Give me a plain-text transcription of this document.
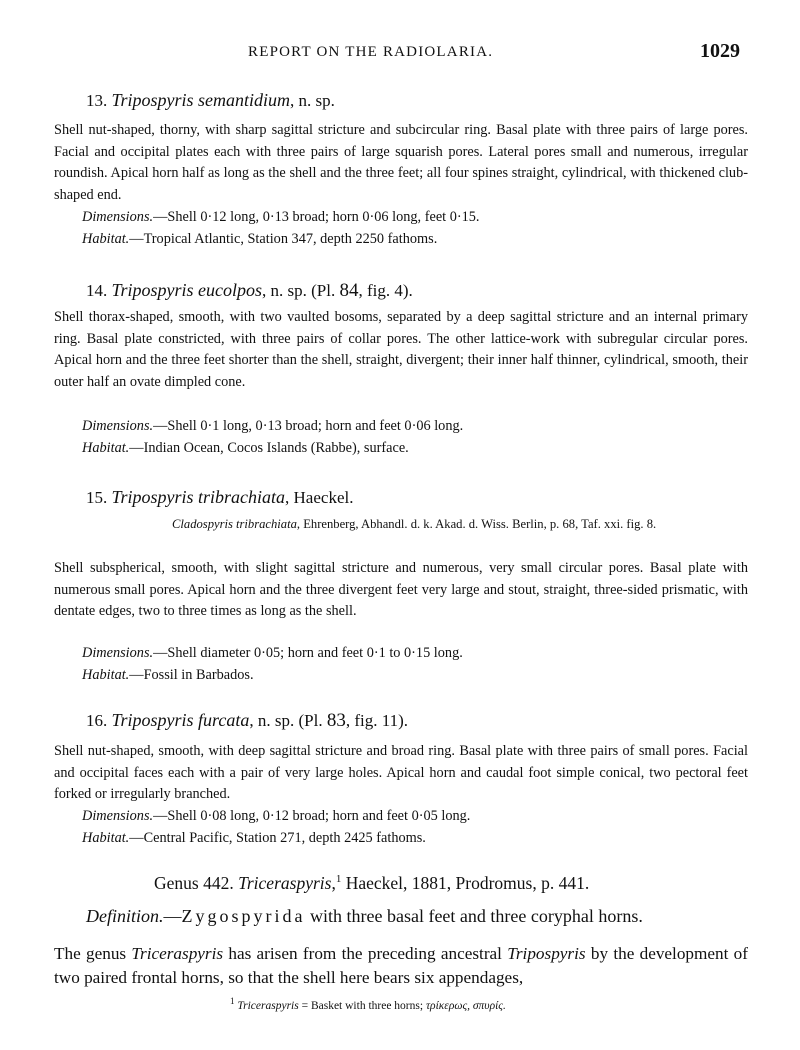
REPORT ON THE RADIOLARIA.	1029
13. Tripospyris semantidium, n. sp.
Shell nut-shaped, thorny, with sharp sagittal stricture and subcircular ring. Basal plate with three pairs of large pores. Facial and occipital plates each with three pairs of large squarish pores. Lateral pores small and numerous, irregular roundish. Apical horn half as long as the shell and the three feet; all four spines straight, cylindrical, with thickened club-shaped end.
Dimensions.—Shell 0·12 long, 0·13 broad; horn 0·06 long, feet 0·15.
Habitat.—Tropical Atlantic, Station 347, depth 2250 fathoms.
14. Tripospyris eucolpos, n. sp. (Pl. 84, fig. 4).
Shell thorax-shaped, smooth, with two vaulted bosoms, separated by a deep sagittal stricture and an internal primary ring. Basal plate constricted, with three pairs of collar pores. The other lattice-work with subregular circular pores. Apical horn and the three feet shorter than the shell, straight, divergent; their inner half thinner, cylindrical, smooth, their outer half an ovate dimpled cone.
Dimensions.—Shell 0·1 long, 0·13 broad; horn and feet 0·06 long.
Habitat.—Indian Ocean, Cocos Islands (Rabbe), surface.
15. Tripospyris tribrachiata, Haeckel.
Cladospyris tribrachiata, Ehrenberg, Abhandl. d. k. Akad. d. Wiss. Berlin, p. 68, Taf. xxi. fig. 8.
Shell subspherical, smooth, with slight sagittal stricture and numerous, very small circular pores. Basal plate with numerous small pores. Apical horn and the three divergent feet very large and stout, straight, three-sided prismatic, with dentate edges, two to three times as long as the shell.
Dimensions.—Shell diameter 0·05; horn and feet 0·1 to 0·15 long.
Habitat.—Fossil in Barbados.
16. Tripospyris furcata, n. sp. (Pl. 83, fig. 11).
Shell nut-shaped, smooth, with deep sagittal stricture and broad ring. Basal plate with three pairs of small pores. Facial and occipital faces each with a pair of very large holes. Apical horn and caudal foot simple conical, two pectoral feet forked or irregularly branched.
Dimensions.—Shell 0·08 long, 0·12 broad; horn and feet 0·05 long.
Habitat.—Central Pacific, Station 271, depth 2425 fathoms.
Genus 442. Triceraspyris,$^1$ Haeckel, 1881, Prodromus, p. 441.
Definition.—Zygospyrida with three basal feet and three coryphal horns.
The genus Triceraspyris has arisen from the preceding ancestral Tripospyris by the development of two paired frontal horns, so that the shell here bears six appendages,
$^1$ Triceraspyris = Basket with three horns; τρίκερως, σπυρίς.
